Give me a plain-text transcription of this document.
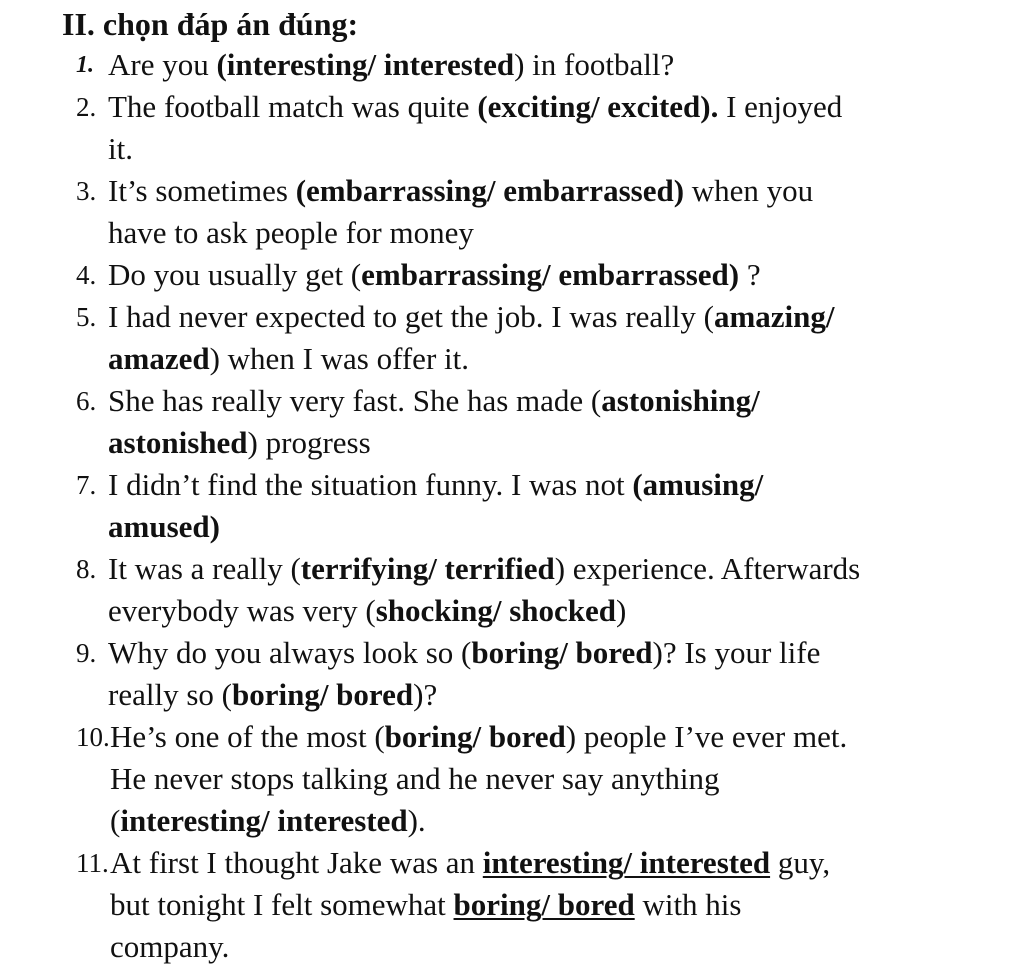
II. chọn đáp án đúng:
1. Are you (interesting/ interested) in football?
2. The football match was quite (exciting/ excited). I enjoyed
it.
3. It’s sometimes (embarrassing/ embarrassed) when you
have to ask people for money
4. Do you usually get (embarrassing/ embarrassed) ?
5. I had never expected to get the job. I was really (amazing/
amazed) when I was offer it.
6. She has really very fast. She has made (astonishing/
astonished) progress
7. I didn’t find the situation funny. I was not (amusing/
amused)
8. It was a really (terrifying/ terrified) experience. Afterwards
everybody was very (shocking/ shocked)
9. Why do you always look so (boring/ bored)? Is your life
really so (boring/ bored)?
10. He’s one of the most (boring/ bored) people I’ve ever met.
He never stops talking and he never say anything
(interesting/ interested).
11. At first I thought Jake was an interesting/ interested guy,
but tonight I felt somewhat boring/ bored with his
company.
